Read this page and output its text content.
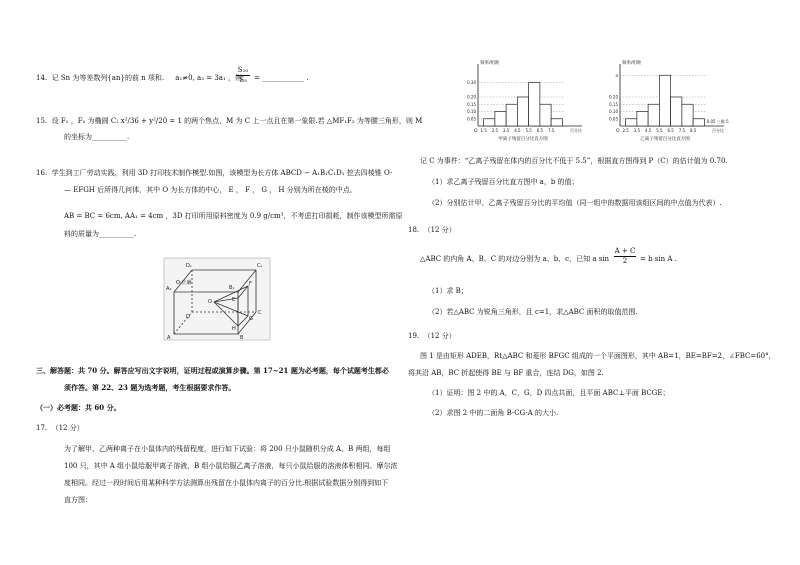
14. 记 Sn 为等差数列{an}的前 n 项和. a₁≠0, a₃ = 3a₁ ，则
S₁₀
S₅	= ____________ .
15. 设 F₁ ，F₂ 为椭圆 C: x²/36 + y²/20 = 1 的两个焦点，M 为 C 上一点且在第一象限.若 △MF₁F₂ 为等腰三角形，则 M
的坐标为__________.
16. 学生到工厂劳动实践，利用 3D 打印技术制作模型.如图，该模型为长方体 ABCD − A₁B₁C₁D₁ 挖去四棱锥 O-
— EFGH 后所得几何体，其中 O 为长方体的中心， E ， F ， G ， H 分别为所在棱的中点，
AB = BC = 6cm, AA₁ = 4cm ，3D 打印所用原料密度为 0.9 g/cm³，不考虑打印损耗，制作该模型所需原
料的质量为__________.
D₁	C₁
A₁	B₁
D
C
A	B
O	E
F
G
H
O·正确
三、解答题：共 70 分。解答应写出文字说明，证明过程或演算步骤。第 17~21 题为必考题，每个试题考生都必
须作答。第 22、23 题为选考题，考生根据要求作答。
（一）必考题：共 60 分。
17. （12 分）
为了解甲、乙两种离子在小鼠体内的残留程度，进行如下试验：将 200 只小鼠随机分成 A、B 两组，每组
100 只，其中 A 组小鼠给服甲离子溶液，B 组小鼠给服乙离子溶液，每只小鼠给服的溶液体积相同、摩尔浓
度相同。经过一段时间后用某种科学方法测算出残留在小鼠体内离子的百分比.根据试验数据分别得到如下
直方图：
0.30
0.20
0.15
0.10
0.05
1.5 2.5 3.5 4.5 5.5 6.5 7.5
O
频率/组距
百分比
甲离子残留百分比直方图
a
0.20
0.15
0.10
0.05
2.5 3.5 4.5 5.5 6.5 7.5 8.5
O
频率/组距
百分比
乙离子残留百分比直方图
0.05 三维 5
记 C 为事件：“乙离子残留在体内的百分比不低于 5.5”，根据直方图得到 P（C）的估计值为 0.70.
（1）求乙离子残留百分比直方图中 a，b 的值；
（2）分别估计甲、乙离子残留百分比的平均值（同一组中的数据用该组区间的中点值为代表）.
18. （12 分）
△ABC 的内角 A、B、C 的对边分别为 a、b、c，已知 a sin
A + C
2	= b sin A .
（1）求 B；
（2）若△ABC 为锐角三角形，且 c=1，求△ABC 面积的取值范围.
19. （12 分）
图 1 是由矩形 ADEB，Rt△ABC 和菱形 BFGC 组成的一个平面图形，其中 AB=1，BE=BF=2，∠FBC=60°，
将其沿 AB，BC 折起使得 BE 与 BF 重合，连结 DG，如图 2.
（1）证明：图 2 中的 A，C，G，D 四点共面，且平面 ABC⊥平面 BCGE；
（2）求图 2 中的二面角 B-CG-A 的大小.
